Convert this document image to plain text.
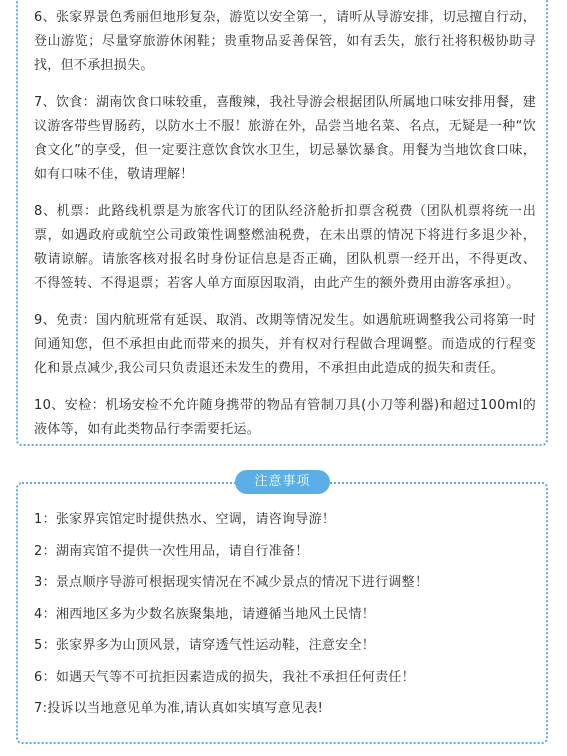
6、张家界景色秀丽但地形复杂，游览以安全第一，请听从导游安排，切忌擅自行动，登山游览；尽量穿旅游休闲鞋；贵重物品妥善保管，如有丢失，旅行社将积极协助寻找，但不承担损失。

7、饮食：湖南饮食口味较重，喜酸辣，我社导游会根据团队所属地口味安排用餐，建议游客带些胃肠药，以防水土不服！旅游在外，品尝当地名菜、名点，无疑是一种“饮食文化”的享受，但一定要注意饮食饮水卫生，切忌暴饮暴食。用餐为当地饮食口味，如有口味不佳，敬请理解！

8、机票：此路线机票是为旅客代订的团队经济舱折扣票含税费（团队机票将统一出票，如遇政府或航空公司政策性调整燃油税费，在未出票的情况下将进行多退少补，敬请谅解。请旅客核对报名时身份证信息是否正确，团队机票一经开出，不得更改、不得签转、不得退票；若客人单方面原因取消，由此产生的额外费用由游客承担）。

9、免责：国内航班常有延误、取消、改期等情况发生。如遇航班调整我公司将第一时间通知您，但不承担由此而带来的损失，并有权对行程做合理调整。而造成的行程变化和景点减少,我公司只负责退还未发生的费用，不承担由此造成的损失和责任。

10、安检：机场安检不允许随身携带的物品有管制刀具(小刀等利器)和超过100ml的液体等，如有此类物品行李需要托运。

注意事项
1：张家界宾馆定时提供热水、空调，请咨询导游！
2：湖南宾馆不提供一次性用品，请自行准备！
3：景点顺序导游可根据现实情况在不减少景点的情况下进行调整！
4：湘西地区多为少数名族聚集地，请遵循当地风土民情！
5：张家界多为山顶风景，请穿透气性运动鞋，注意安全！
6：如遇天气等不可抗拒因素造成的损失，我社不承担任何责任！
7:投诉以当地意见单为准,请认真如实填写意见表!
